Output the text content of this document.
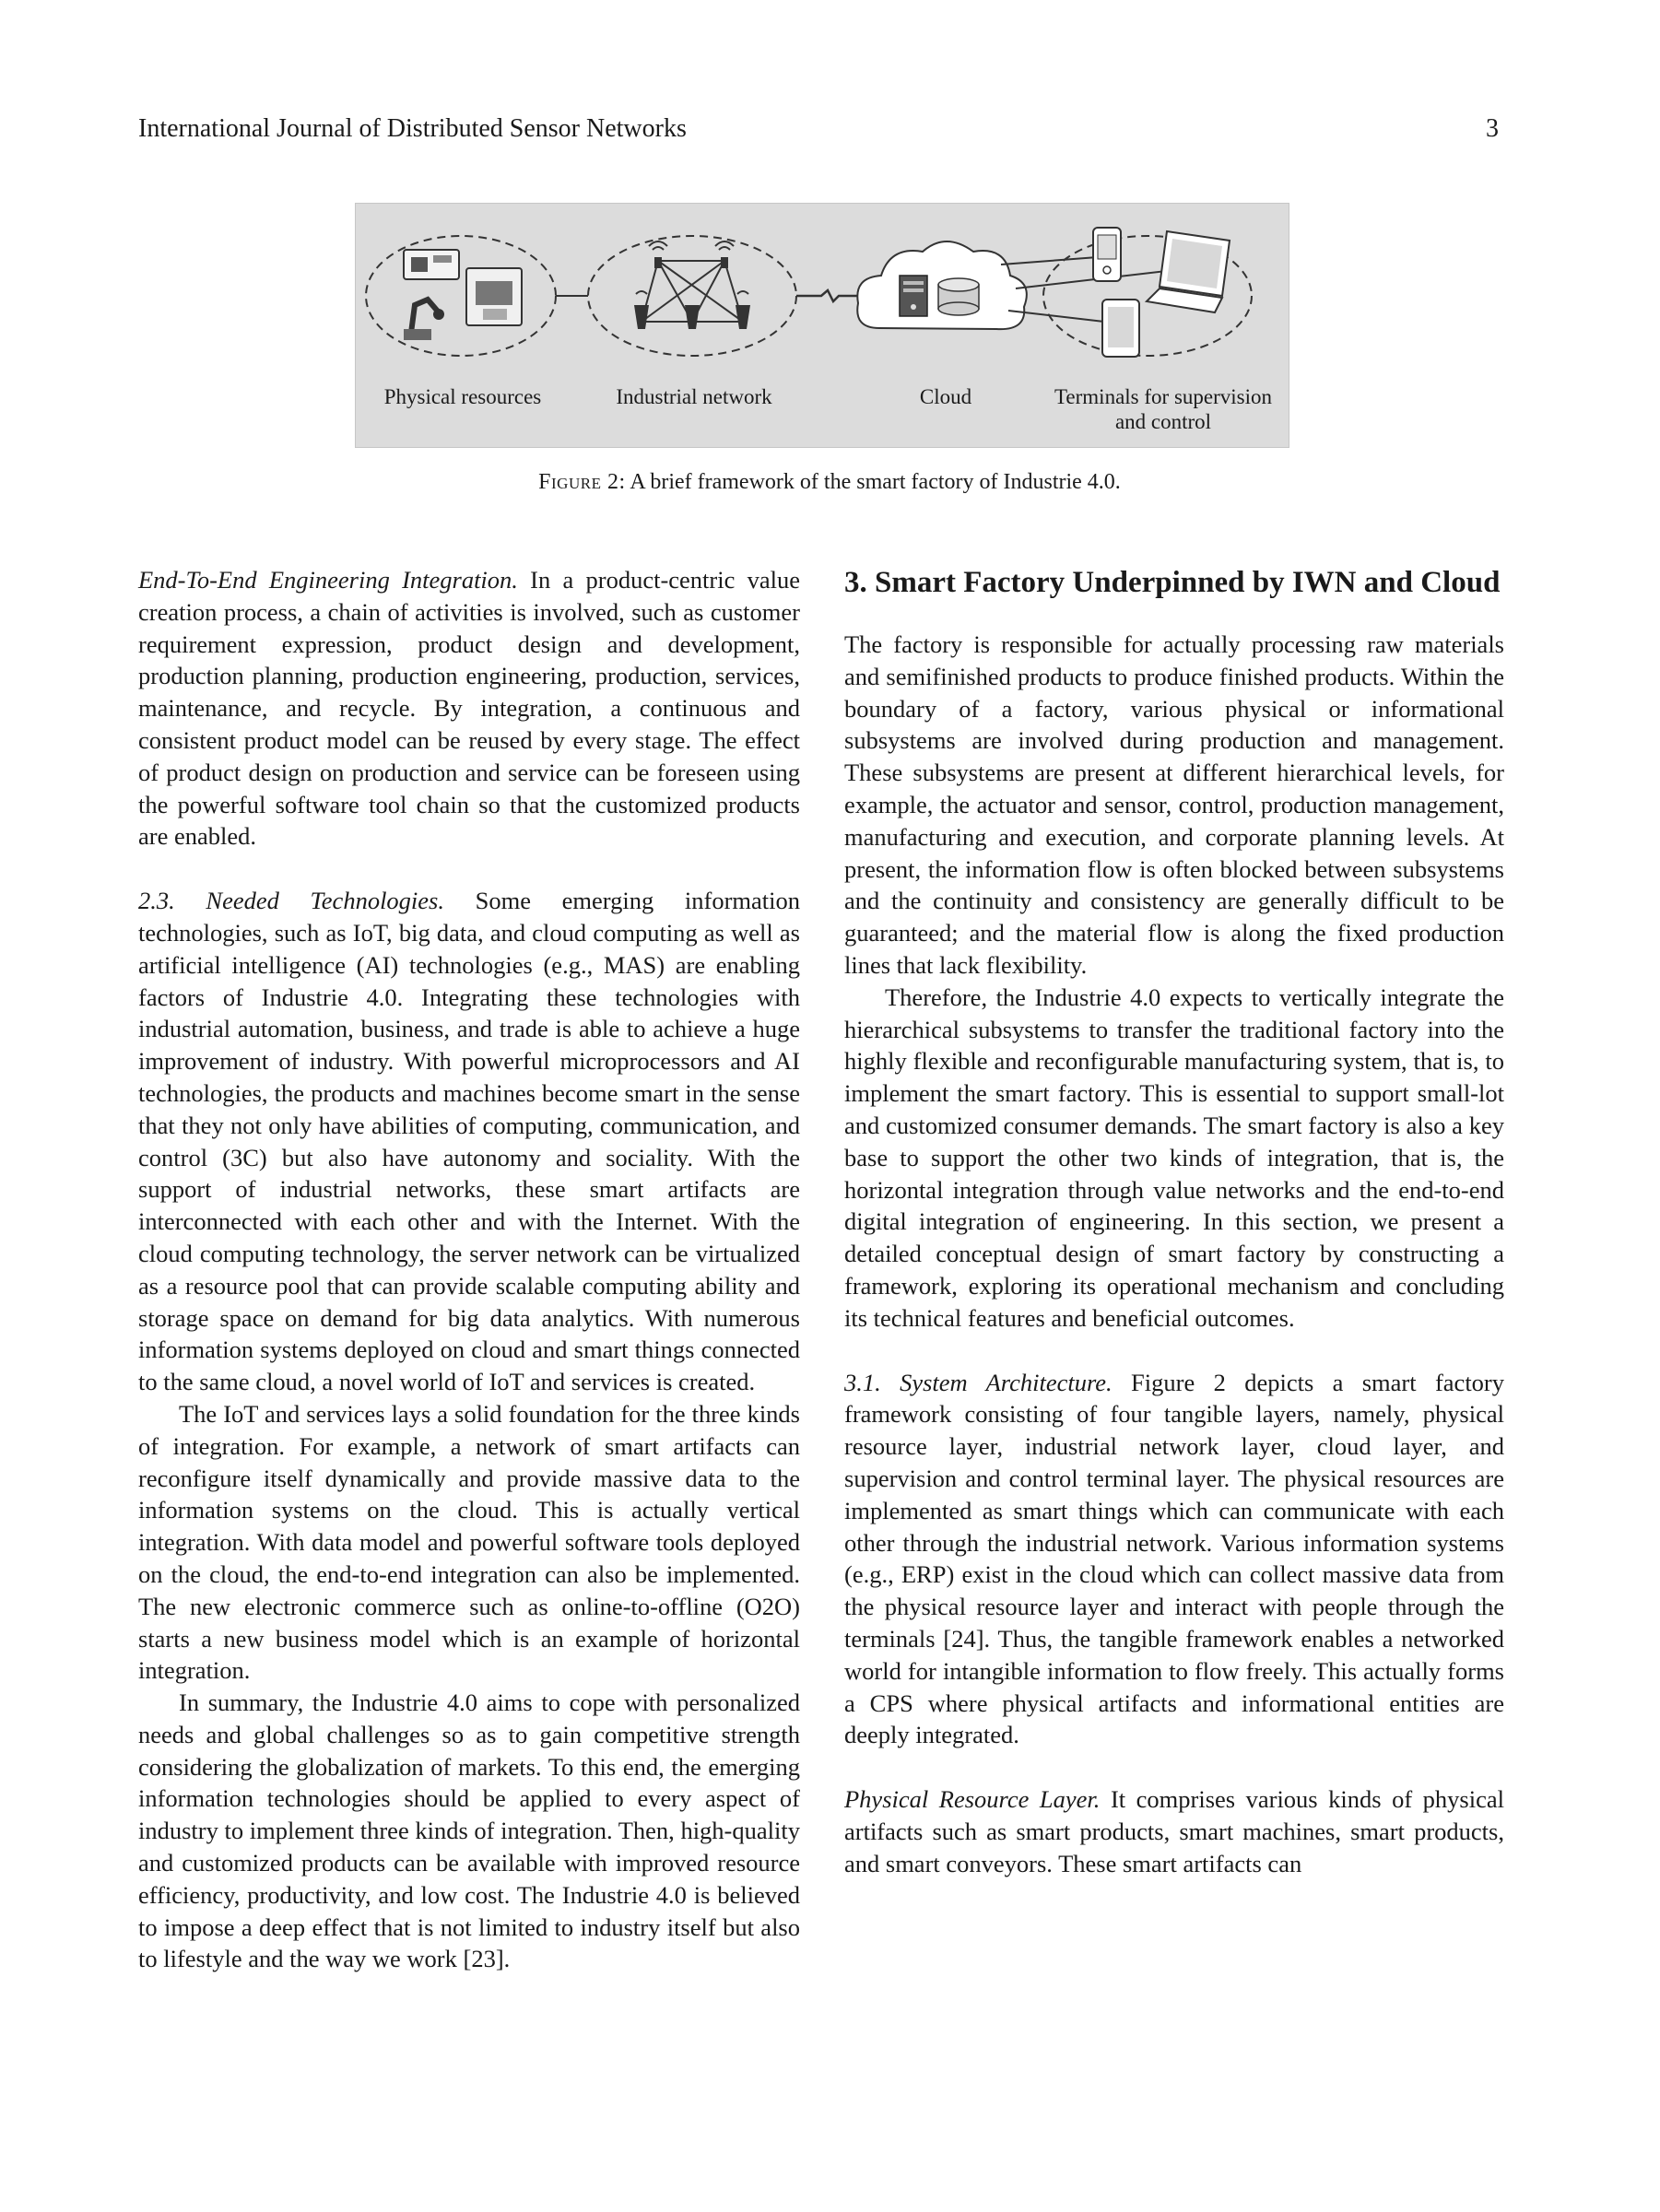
International Journal of Distributed Sensor Networks	3
Physical resources	Industrial network	Cloud	Terminals for supervision
and control
Figure 2: A brief framework of the smart factory of Industrie 4.0.

End-To-End Engineering Integration. In a product-centric value creation process, a chain of activities is involved, such as customer requirement expression, product design and development, production planning, production engineering, production, services, maintenance, and recycle. By integration, a continuous and consistent product model can be reused by every stage. The effect of product design on production and service can be foreseen using the powerful software tool chain so that the customized products are enabled.

2.3. Needed Technologies. Some emerging information technologies, such as IoT, big data, and cloud computing as well as artificial intelligence (AI) technologies (e.g., MAS) are enabling factors of Industrie 4.0. Integrating these technologies with industrial automation, business, and trade is able to achieve a huge improvement of industry. With powerful microprocessors and AI technologies, the products and machines become smart in the sense that they not only have abilities of computing, communication, and control (3C) but also have autonomy and sociality. With the support of industrial networks, these smart artifacts are interconnected with each other and with the Internet. With the cloud computing technology, the server network can be virtualized as a resource pool that can provide scalable computing ability and storage space on demand for big data analytics. With numerous information systems deployed on cloud and smart things connected to the same cloud, a novel world of IoT and services is created.

The IoT and services lays a solid foundation for the three kinds of integration. For example, a network of smart artifacts can reconfigure itself dynamically and provide massive data to the information systems on the cloud. This is actually vertical integration. With data model and powerful software tools deployed on the cloud, the end-to-end integration can also be implemented. The new electronic commerce such as online-to-offline (O2O) starts a new business model which is an example of horizontal integration.

In summary, the Industrie 4.0 aims to cope with personalized needs and global challenges so as to gain competitive strength considering the globalization of markets. To this end, the emerging information technologies should be applied to every aspect of industry to implement three kinds of integration. Then, high-quality and customized products can be available with improved resource efficiency, productivity, and low cost. The Industrie 4.0 is believed to impose a deep effect that is not limited to industry itself but also to lifestyle and the way we work [23].

3. Smart Factory Underpinned by IWN and Cloud

The factory is responsible for actually processing raw materials and semifinished products to produce finished products. Within the boundary of a factory, various physical or informational subsystems are involved during production and management. These subsystems are present at different hierarchical levels, for example, the actuator and sensor, control, production management, manufacturing and execution, and corporate planning levels. At present, the information flow is often blocked between subsystems and the continuity and consistency are generally difficult to be guaranteed; and the material flow is along the fixed production lines that lack flexibility.

Therefore, the Industrie 4.0 expects to vertically integrate the hierarchical subsystems to transfer the traditional factory into the highly flexible and reconfigurable manufacturing system, that is, to implement the smart factory. This is essential to support small-lot and customized consumer demands. The smart factory is also a key base to support the other two kinds of integration, that is, the horizontal integration through value networks and the end-to-end digital integration of engineering. In this section, we present a detailed conceptual design of smart factory by constructing a framework, exploring its operational mechanism and concluding its technical features and beneficial outcomes.

3.1. System Architecture. Figure 2 depicts a smart factory framework consisting of four tangible layers, namely, physical resource layer, industrial network layer, cloud layer, and supervision and control terminal layer. The physical resources are implemented as smart things which can communicate with each other through the industrial network. Various information systems (e.g., ERP) exist in the cloud which can collect massive data from the physical resource layer and interact with people through the terminals [24]. Thus, the tangible framework enables a networked world for intangible information to flow freely. This actually forms a CPS where physical artifacts and informational entities are deeply integrated.

Physical Resource Layer. It comprises various kinds of physical artifacts such as smart products, smart machines, smart products, and smart conveyors. These smart artifacts can
